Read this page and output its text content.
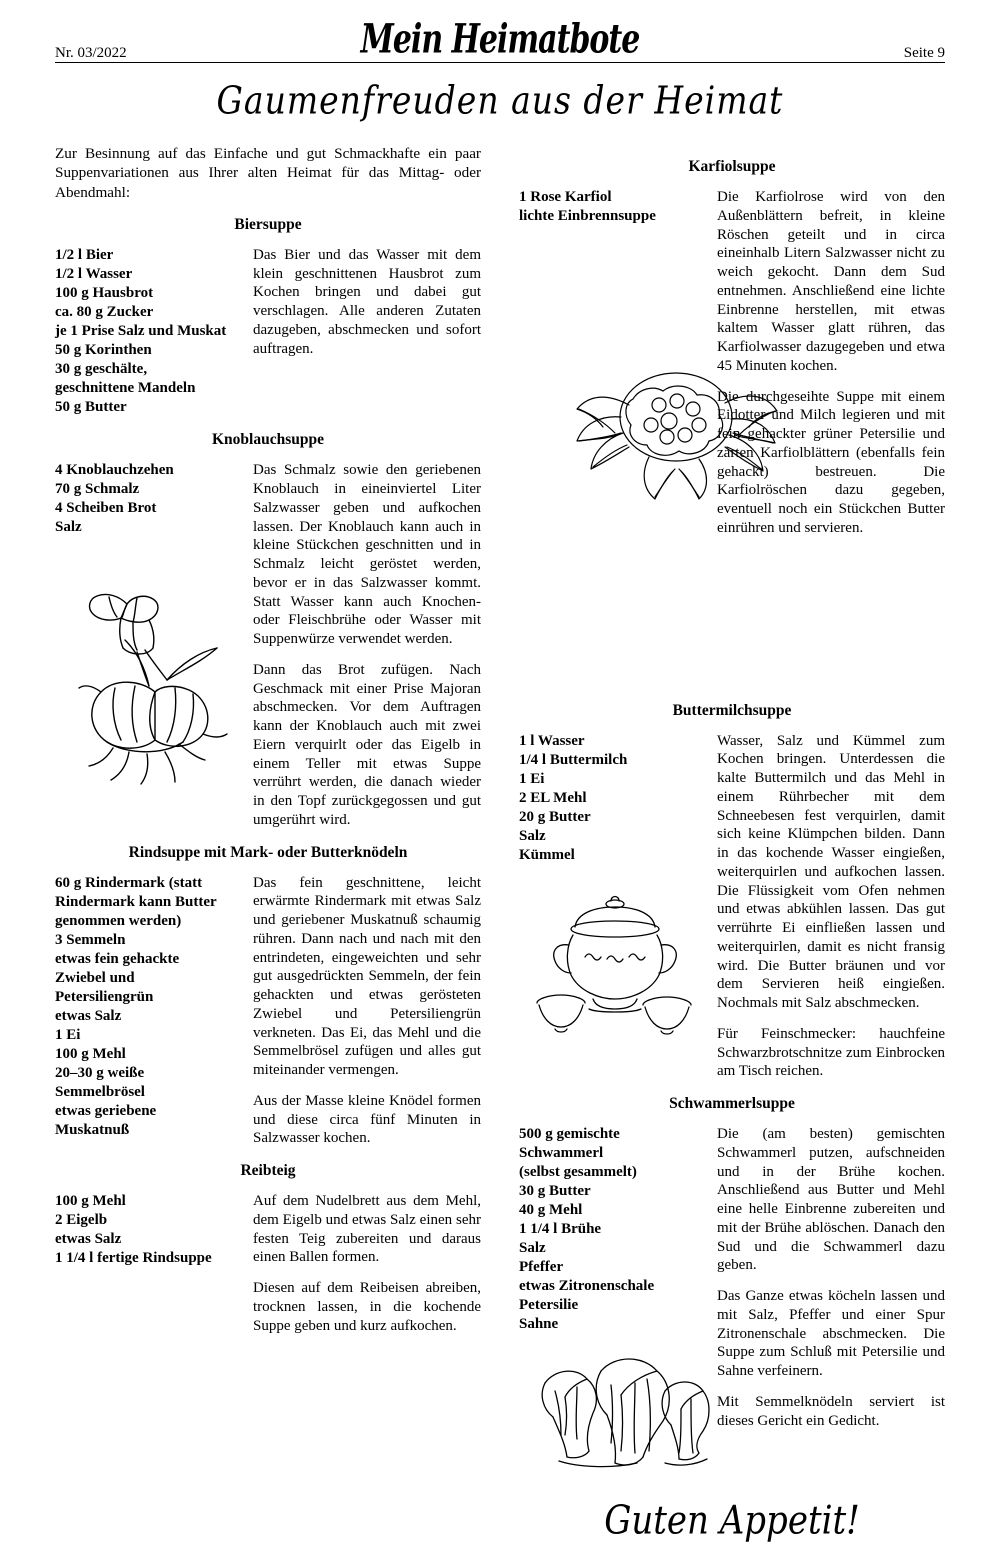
Nr. 03/2022	Mein Heimatbote	Seite 9
Gaumenfreuden aus der Heimat
Zur Besinnung auf das Einfache und gut Schmackhafte ein paar Suppenvariationen aus Ihrer alten Heimat für das Mittag- oder Abendmahl:
Biersuppe
1/2 l Bier
1/2 l Wasser
100 g Hausbrot
ca. 80 g Zucker
je 1 Prise Salz und Muskat
50 g Korinthen
30 g geschälte,
geschnittene Mandeln
50 g Butter

Das Bier und das Wasser mit dem klein geschnittenen Hausbrot zum Kochen bringen und dabei gut verschlagen. Alle anderen Zutaten dazugeben, abschmecken und sofort auftragen.

Knoblauchsuppe
4 Knoblauchzehen
70 g Schmalz
4 Scheiben Brot
Salz

Das Schmalz sowie den geriebenen Knoblauch in eineinviertel Liter Salzwasser geben und aufkochen lassen. Der Knoblauch kann auch in kleine Stückchen geschnitten und in Schmalz leicht geröstet werden, bevor er in das Salzwasser kommt. Statt Wasser kann auch Knochen- oder Fleischbrühe oder Wasser mit Suppenwürze verwendet werden.

Dann das Brot zufügen. Nach Geschmack mit einer Prise Majoran abschmecken. Vor dem Auftragen kann der Knoblauch auch mit zwei Eiern verquirlt oder das Eigelb in einem Teller mit etwas Suppe verrührt werden, die danach wieder in den Topf zurückgegossen und gut umgerührt wird.

Rindsuppe mit Mark- oder Butterknödeln
60 g Rindermark (statt
Rindermark kann Butter
genommen werden)
3 Semmeln
etwas fein gehackte
Zwiebel und
Petersiliengrün
etwas Salz
1 Ei
100 g Mehl
20–30 g weiße
Semmelbrösel
etwas geriebene
Muskatnuß

Das fein geschnittene, leicht erwärmte Rindermark mit etwas Salz und geriebener Muskatnuß schaumig rühren. Dann nach und nach mit den entrindeten, eingeweichten und sehr gut ausgedrückten Semmeln, der fein gehackten und etwas gerösteten Zwiebel und Petersiliengrün verkneten. Das Ei, das Mehl und die Semmelbrösel zufügen und alles gut miteinander vermengen.

Aus der Masse kleine Knödel formen und diese circa fünf Minuten in Salzwasser kochen.

Reibteig
100 g Mehl
2 Eigelb
etwas Salz
1 1/4 l fertige Rindsuppe

Auf dem Nudelbrett aus dem Mehl, dem Eigelb und etwas Salz einen sehr festen Teig zubereiten und daraus einen Ballen formen.

Diesen auf dem Reibeisen abreiben, trocknen lassen, in die kochende Suppe geben und kurz aufkochen.

Karfiolsuppe
1 Rose Karfiol
lichte Einbrennsuppe

Die Karfiolrose wird von den Außenblättern befreit, in kleine Röschen geteilt und in circa eineinhalb Litern Salzwasser nicht zu weich gekocht. Dann dem Sud entnehmen. Anschließend eine lichte Einbrenne herstellen, mit etwas kaltem Wasser glatt rühren, das Karfiolwasser dazugegeben und etwa 45 Minuten kochen.

Die durchgeseihte Suppe mit einem Eidotter und Milch legieren und mit fein gehackter grüner Petersilie und zarten Karfiolblättern (ebenfalls fein gehackt) bestreuen. Die Karfiolröschen dazu gegeben, eventuell noch ein Stückchen Butter einrühren und servieren.

Buttermilchsuppe
1 l Wasser
1/4 l Buttermilch
1 Ei
2 EL Mehl
20 g Butter
Salz
Kümmel

Wasser, Salz und Kümmel zum Kochen bringen. Unterdessen die kalte Buttermilch und das Mehl in einem Rührbecher mit dem Schneebesen fest verquirlen, damit sich keine Klümpchen bilden. Dann in das kochende Wasser eingießen, weiterquirlen und aufkochen lassen. Die Flüssigkeit vom Ofen nehmen und etwas abkühlen lassen. Das gut verrührte Ei einfließen lassen und weiterquirlen, damit es nicht fransig wird. Die Butter bräunen und vor dem Servieren heiß eingießen. Nochmals mit Salz abschmecken.

Für Feinschmecker: hauchfeine Schwarzbrotschnitze zum Einbrocken am Tisch reichen.

Schwammerlsuppe
500 g gemischte
Schwammerl
(selbst gesammelt)
30 g Butter
40 g Mehl
1 1/4 l Brühe
Salz
Pfeffer
etwas Zitronenschale
Petersilie
Sahne

Die (am besten) gemischten Schwammerl putzen, aufschneiden und in der Brühe kochen. Anschließend aus Butter und Mehl eine helle Einbrenne zubereiten und mit der Brühe ablöschen. Danach den Sud und die Schwammerl dazu geben.

Das Ganze etwas köcheln lassen und mit Salz, Pfeffer und einer Spur Zitronenschale abschmecken. Die Suppe zum Schluß mit Petersilie und Sahne verfeinern.

Mit Semmelknödeln serviert ist dieses Gericht ein Gedicht.

Guten Appetit!
